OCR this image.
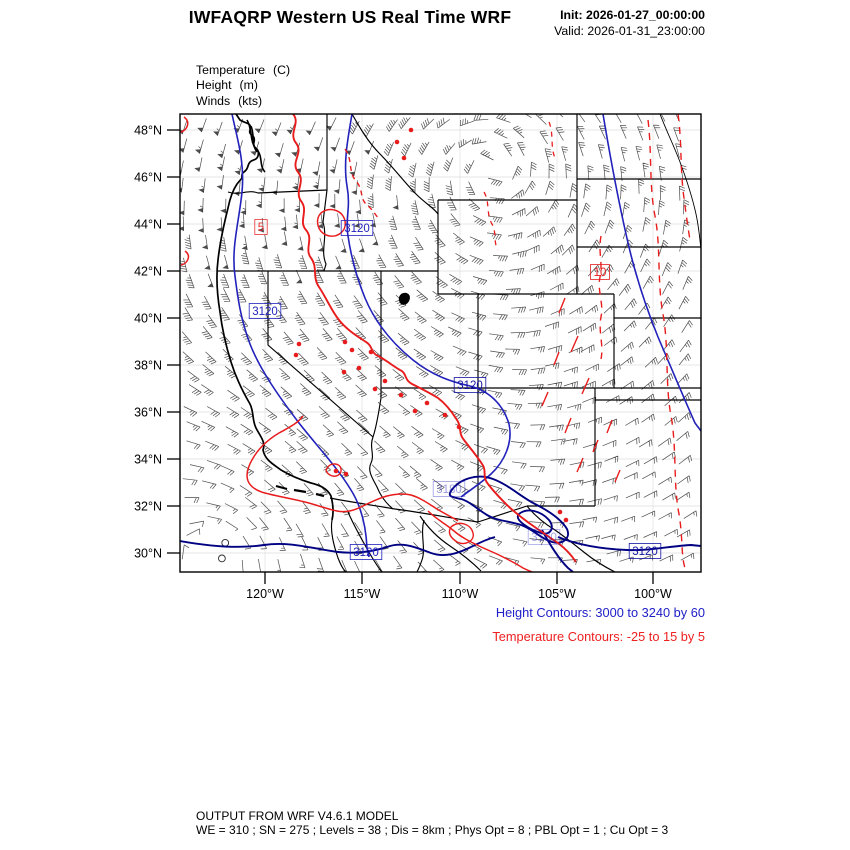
IWFAQRP Western US Real Time WRF	Init: 2026-01-27_00:00:00
Valid: 2026-01-31_23:00:00
Temperature (C)
Height (m)
Winds (kts)
3120
3120
3120
3120	3120
3180
3180
10
5
48°N
46°N
44°N
42°N
40°N
38°N
36°N
34°N
32°N
30°N
120°W	115°W	110°W	105°W	100°W
Height Contours: 3000 to 3240 by 60
Temperature Contours: -25 to 15 by 5
OUTPUT FROM WRF V4.6.1 MODEL
WE = 310 ; SN = 275 ; Levels = 38 ; Dis = 8km ; Phys Opt = 8 ; PBL Opt = 1 ; Cu Opt = 3
